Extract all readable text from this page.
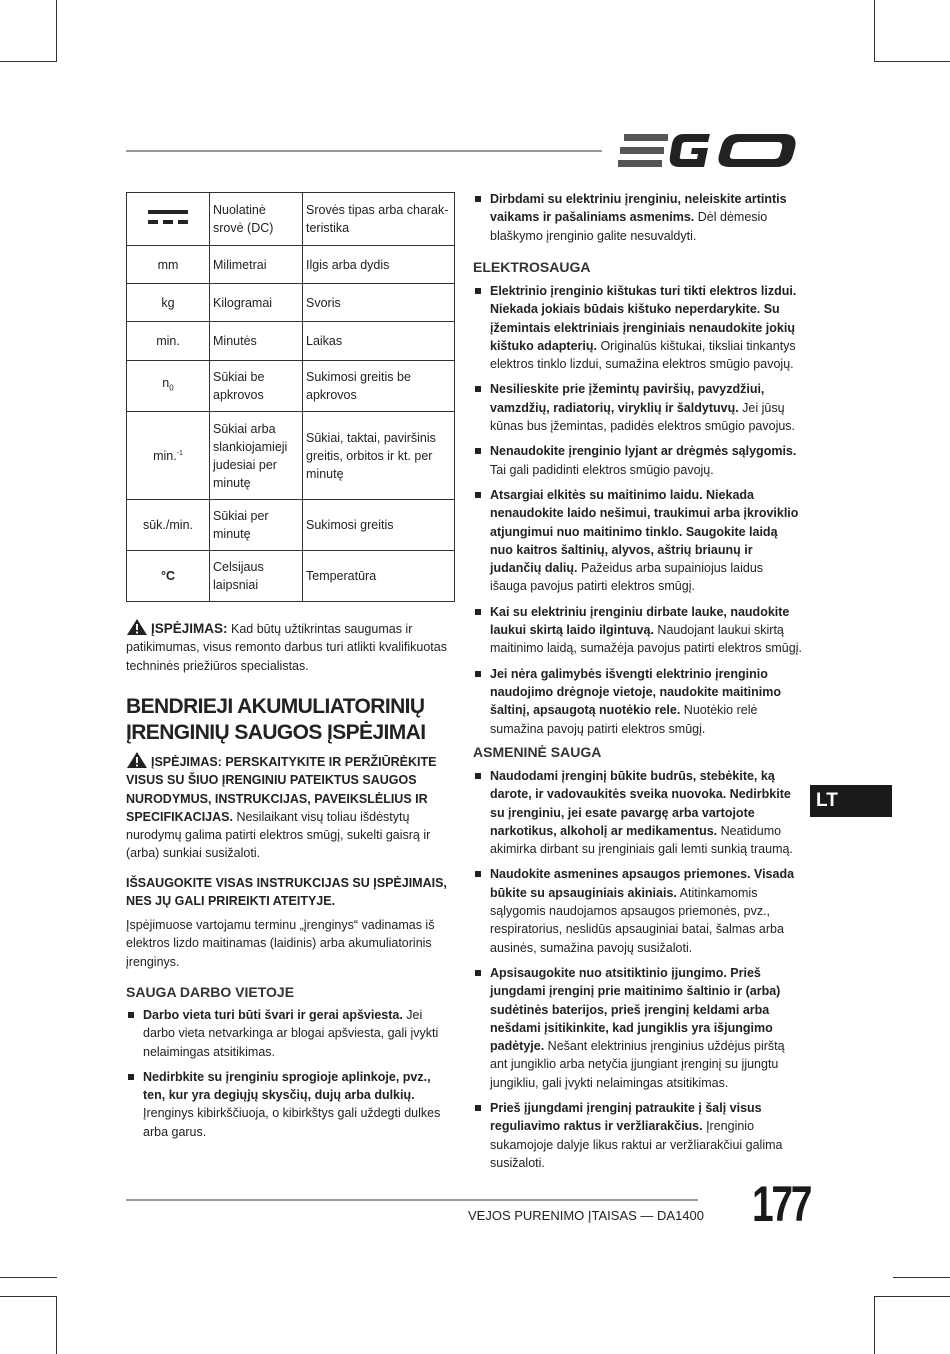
	Nuolatinė srovė (DC)	Srovės tipas arba charak-teristika
mm	Milimetrai	Ilgis arba dydis
kg	Kilogramai	Svoris
min.	Minutės	Laikas
$n_0$	Sūkiai be apkrovos	Sukimosi greitis be apkrovos
min.$^{-1}$	Sūkiai arba slankiojamieji judesiai per minutę	Sūkiai, taktai, paviršinis greitis, orbitos ir kt. per minutę
sūk./min.	Sūkiai per minutę	Sukimosi greitis
°C	Celsijaus laipsniai	Temperatūra
ĮSPĖJIMAS: Kad būtų užtikrintas saugumas ir patikimumas, visus remonto darbus turi atlikti kvalifikuotas techninės priežiūros specialistas.
BENDRIEJI AKUMULIATORINIŲ ĮRENGINIŲ SAUGOS ĮSPĖJIMAI
ĮSPĖJIMAS: PERSKAITYKITE IR PERŽIŪRĖKITE VISUS SU ŠIUO ĮRENGINIU PATEIKTUS SAUGOS NURODYMUS, INSTRUKCIJAS, PAVEIKSLĖLIUS IR SPECIFIKACIJAS. Nesilaikant visų toliau išdėstytų nurodymų galima patirti elektros smūgį, sukelti gaisrą ir (arba) sunkiai susižaloti.
IŠSAUGOKITE VISAS INSTRUKCIJAS SU ĮSPĖJIMAIS, NES JŲ GALI PRIREIKTI ATEITYJE.
Įspėjimuose vartojamu terminu „įrenginys“ vadinamas iš elektros lizdo maitinamas (laidinis) arba akumuliatorinis įrenginys.
SAUGA DARBO VIETOJE
Darbo vieta turi būti švari ir gerai apšviesta. Jei darbo vieta netvarkinga ar blogai apšviesta, gali įvykti nelaimingas atsitikimas.
Nedirbkite su įrenginiu sprogioje aplinkoje, pvz., ten, kur yra degiųjų skysčių, dujų arba dulkių. Įrenginys kibirkščiuoja, o kibirkštys gali uždegti dulkes arba garus.
Dirbdami su elektriniu įrenginiu, neleiskite artintis vaikams ir pašaliniams asmenims. Dėl dėmesio blaškymo įrenginio galite nesuvaldyti.
ELEKTROSAUGA
Elektrinio įrenginio kištukas turi tikti elektros lizdui. Niekada jokiais būdais kištuko neperdarykite. Su įžemintais elektriniais įrenginiais nenaudokite jokių kištuko adapterių. Originalūs kištukai, tiksliai tinkantys elektros tinklo lizdui, sumažina elektros smūgio pavojų.
Nesilieskite prie įžemintų paviršių, pavyzdžiui, vamzdžių, radiatorių, viryklių ir šaldytuvų. Jei jūsų kūnas bus įžemintas, padidės elektros smūgio pavojus.
Nenaudokite įrenginio lyjant ar drėgmės sąlygomis. Tai gali padidinti elektros smūgio pavojų.
Atsargiai elkitės su maitinimo laidu. Niekada nenaudokite laido nešimui, traukimui arba įkroviklio atjungimui nuo maitinimo tinklo. Saugokite laidą nuo kaitros šaltinių, alyvos, aštrių briaunų ir judančių dalių. Pažeidus arba supainiojus laidus išauga pavojus patirti elektros smūgį.
Kai su elektriniu įrenginiu dirbate lauke, naudokite laukui skirtą laido ilgintuvą. Naudojant laukui skirtą maitinimo laidą, sumažėja pavojus patirti elektros smūgį.
Jei nėra galimybės išvengti elektrinio įrenginio naudojimo drėgnoje vietoje, naudokite maitinimo šaltinį, apsaugotą nuotėkio rele. Nuotėkio relė sumažina pavojų patirti elektros smūgį.
ASMENINĖ SAUGA
Naudodami įrenginį būkite budrūs, stebėkite, ką darote, ir vadovaukitės sveika nuovoka. Nedirbkite su įrenginiu, jei esate pavargę arba vartojote narkotikus, alkoholį ar medikamentus. Neatidumo akimirka dirbant su įrenginiais gali lemti sunkią traumą.
Naudokite asmenines apsaugos priemones. Visada būkite su apsauginiais akiniais. Atitinkamomis sąlygomis naudojamos apsaugos priemonės, pvz., respiratorius, neslidūs apsauginiai batai, šalmas arba ausinės, sumažina pavojų susižaloti.
Apsisaugokite nuo atsitiktinio įjungimo. Prieš jungdami įrenginį prie maitinimo šaltinio ir (arba) sudėtinės baterijos, prieš įrenginį keldami arba nešdami įsitikinkite, kad jungiklis yra išjungimo padėtyje. Nešant elektrinius įrenginius uždėjus pirštą ant jungiklio arba netyčia įjungiant įrenginį su įjungtu jungikliu, gali įvykti nelaimingas atsitikimas.
Prieš įjungdami įrenginį patraukite į šalį visus reguliavimo raktus ir veržliarakčius. Įrenginio sukamojoje dalyje likus raktui ar veržliarakčiui galima susižaloti.
LT
VEJOS PURENIMO ĮTAISAS — DA1400 177
